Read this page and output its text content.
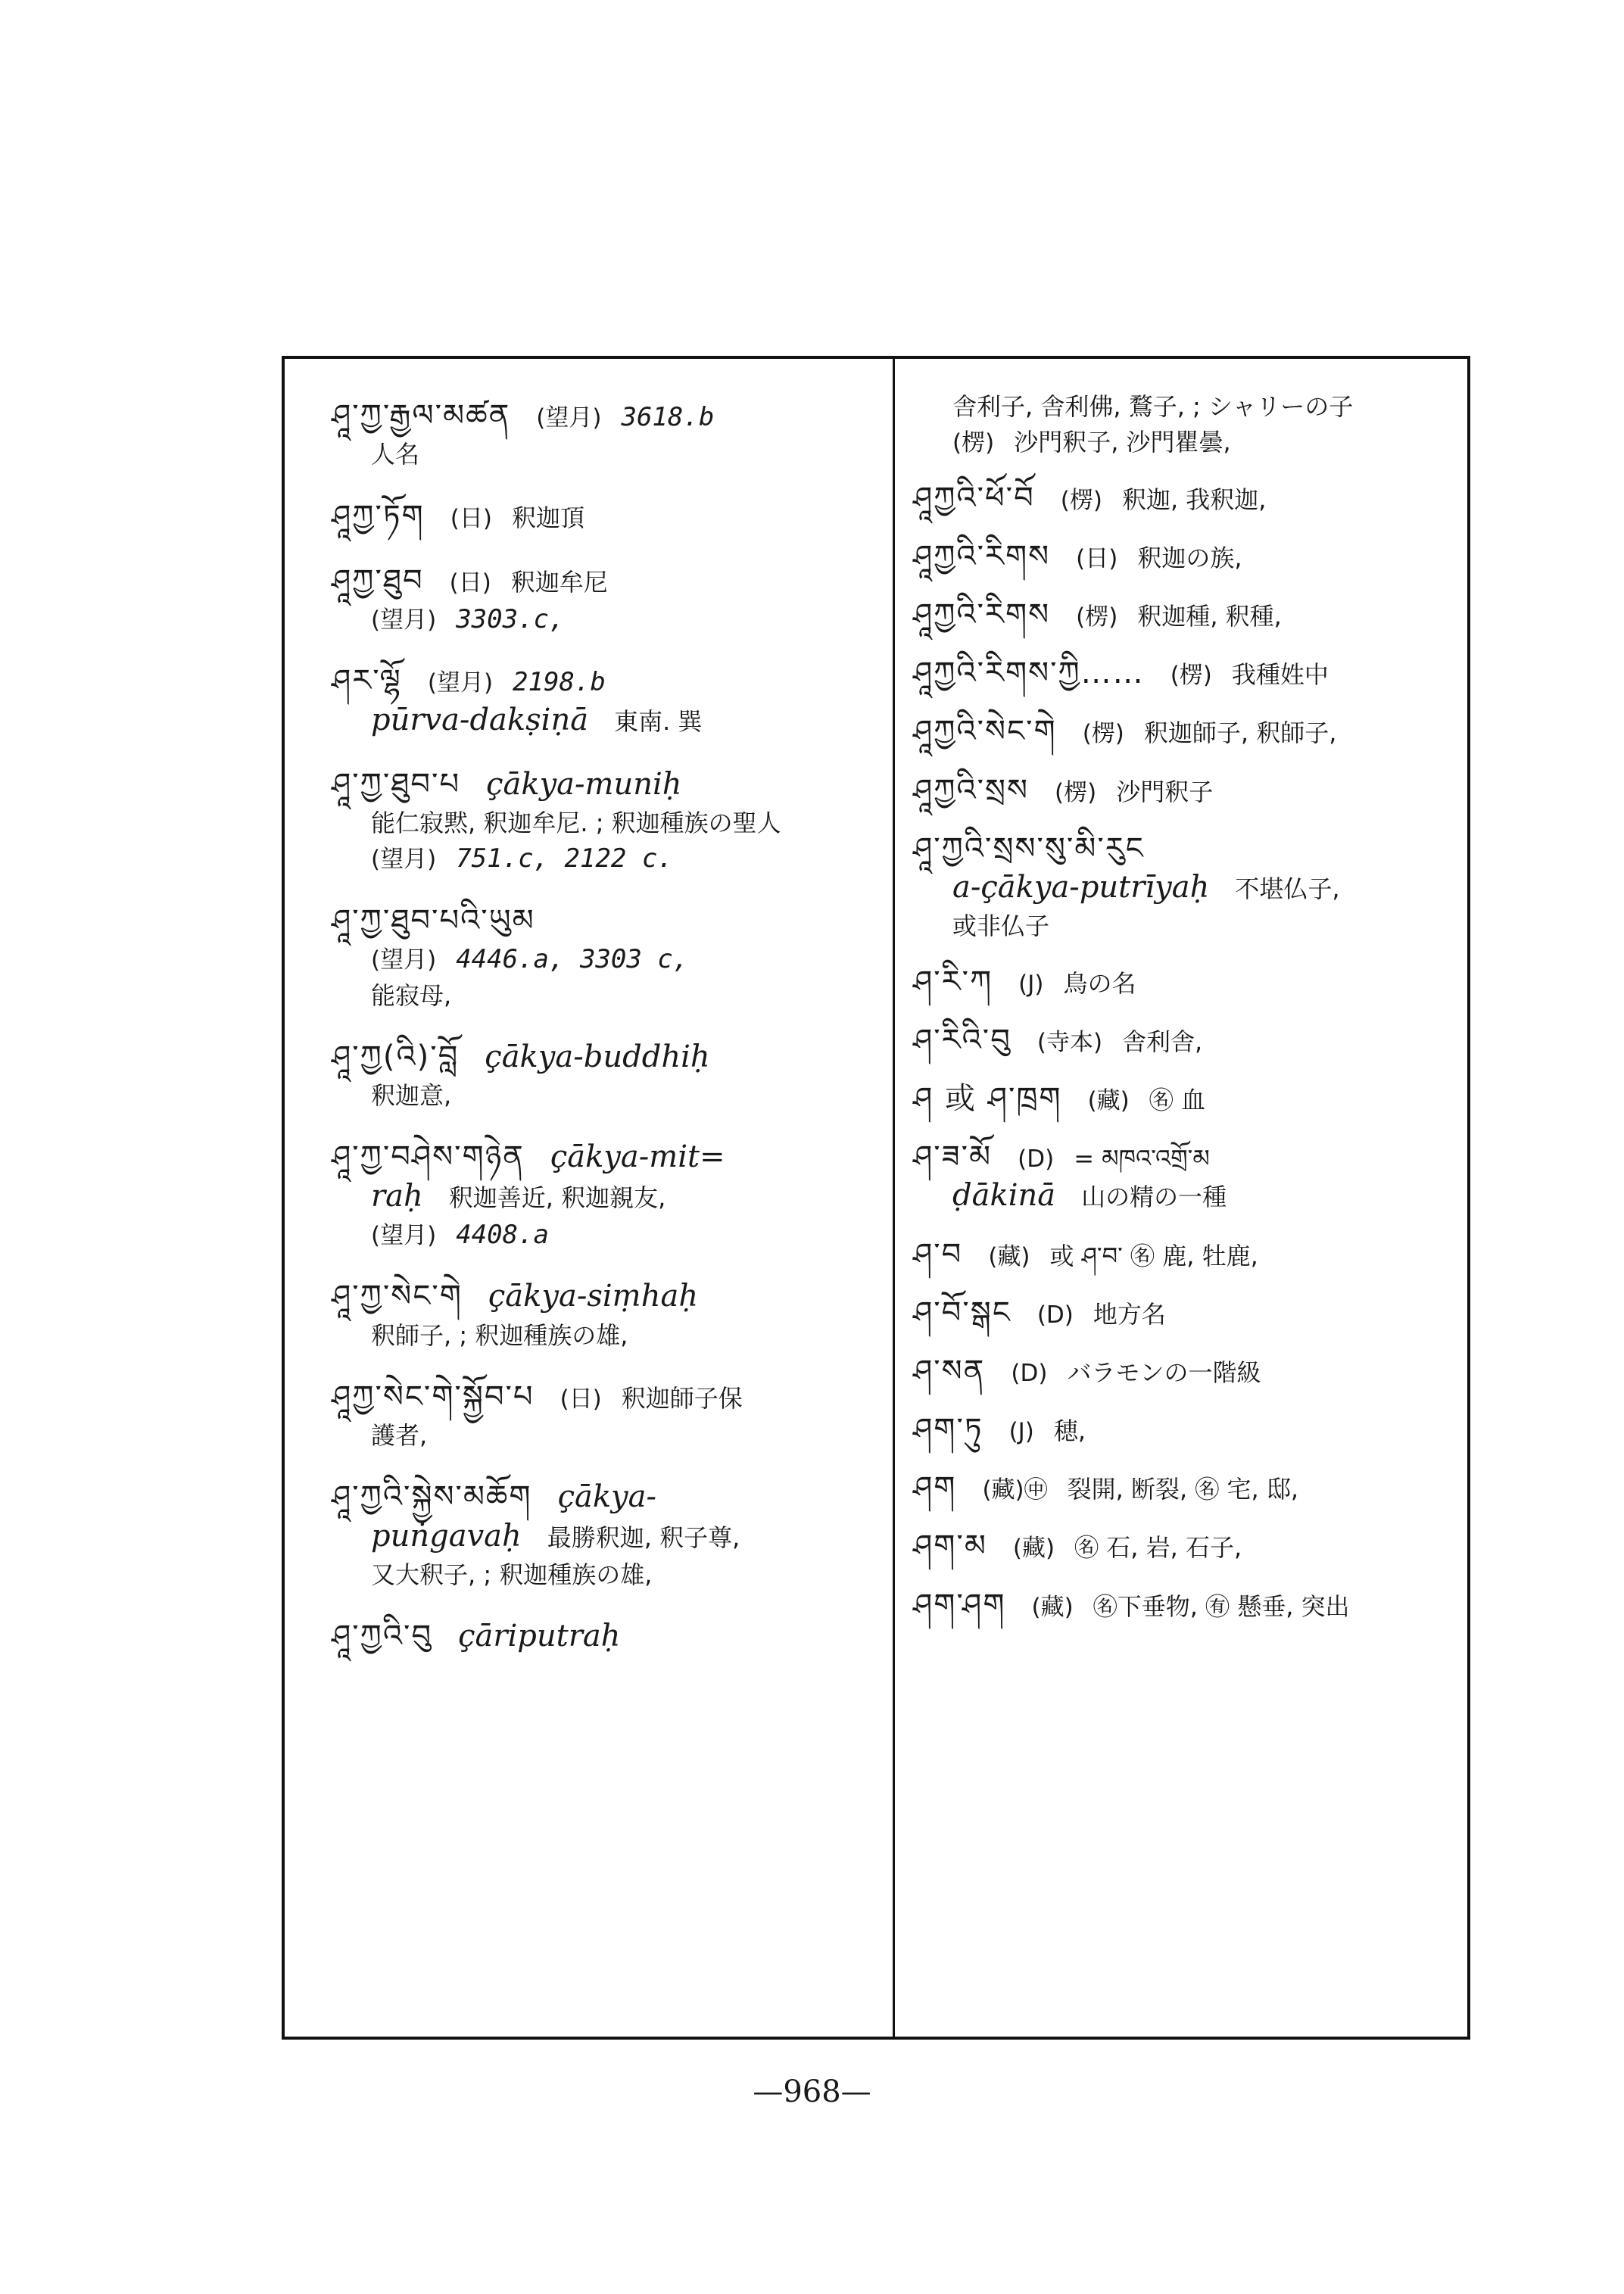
ཤཱ་ཀྱ་རྒྱལ་མཚན (望月) 3618.b
人名
ཤཱཀྱ་ཏོག (日) 釈迦頂
ཤཱཀྱ་ཐུབ (日) 釈迦牟尼
(望月) 3303.c,
ཤར་ལྷོ (望月) 2198.b
pūrva-dakṣiṇā 東南. 巽
ཤཱ་ཀྱ་ཐུབ་པ çākya-muniḥ
能仁寂黙, 釈迦牟尼. ; 釈迦種族の聖人
(望月) 751.c, 2122 c.
ཤཱ་ཀྱ་ཐུབ་པའི་ཡུམ
(望月) 4446.a, 3303 c,
能寂母,
ཤཱ་ཀྱ(འི)་བློ çākya-buddhiḥ
釈迦意,
ཤཱ་ཀྱ་བཤེས་གཉེན çākya-mit=
raḥ 釈迦善近, 釈迦親友,
(望月) 4408.a
ཤཱ་ཀྱ་སེང་གེ çākya-siṃhaḥ
釈師子, ; 釈迦種族の雄,
ཤཱཀྱ་སེང་གེ་སྐྱོབ་པ (日) 釈迦師子保
護者,
ཤཱ་ཀྱའི་སྐྱེས་མཆོག çākya-
puṅgavaḥ 最勝釈迦, 釈子尊,
又大釈子, ; 釈迦種族の雄,
ཤཱ་ཀྱའི་བུ çāriputraḥ
舎利子, 舎利佛, 鶩子, ; シャリーの子
(楞) 沙門釈子, 沙門瞿曇,
ཤཱཀྱའི་ཕོ་བོ (楞) 釈迦, 我釈迦,
ཤཱཀྱའི་རིགས (日) 釈迦の族,
ཤཱཀྱའི་རིགས (楞) 釈迦種, 釈種,
ཤཱཀྱའི་རིགས་ཀྱི…… (楞) 我種姓中
ཤཱཀྱའི་སེང་གེ (楞) 釈迦師子, 釈師子,
ཤཱཀྱའི་སྲས (楞) 沙門釈子
ཤཱ་ཀྱའི་སྲས་སུ་མི་རུང
a-çākya-putrīyaḥ 不堪仏子,
或非仏子
ཤ་རི་ཀ (J) 鳥の名
ཤ་རིའི་བུ (寺本) 舎利舎,
ཤ 或 ཤ་ཁྲག (藏) ㊔ 血
ཤ་ཟ་མོ (D) = མཁའ་འགྲོ་མ
ḍākinā 山の精の一種
ཤ་བ (藏) 或 ཤ་བ་ ㊔ 鹿, 牡鹿,
ཤ་བོ་སྒང (D) 地方名
ཤ་སན (D) バラモンの一階級
ཤག་ཏུ (J) 穂,
ཤག (藏)㊥ 裂開, 断裂, ㊔ 宅, 邸,
ཤག་མ (藏) ㊔ 石, 岩, 石子,
ཤག་ཤག (藏) ㊔下垂物, ㊒ 懸垂, 突出
—968—
